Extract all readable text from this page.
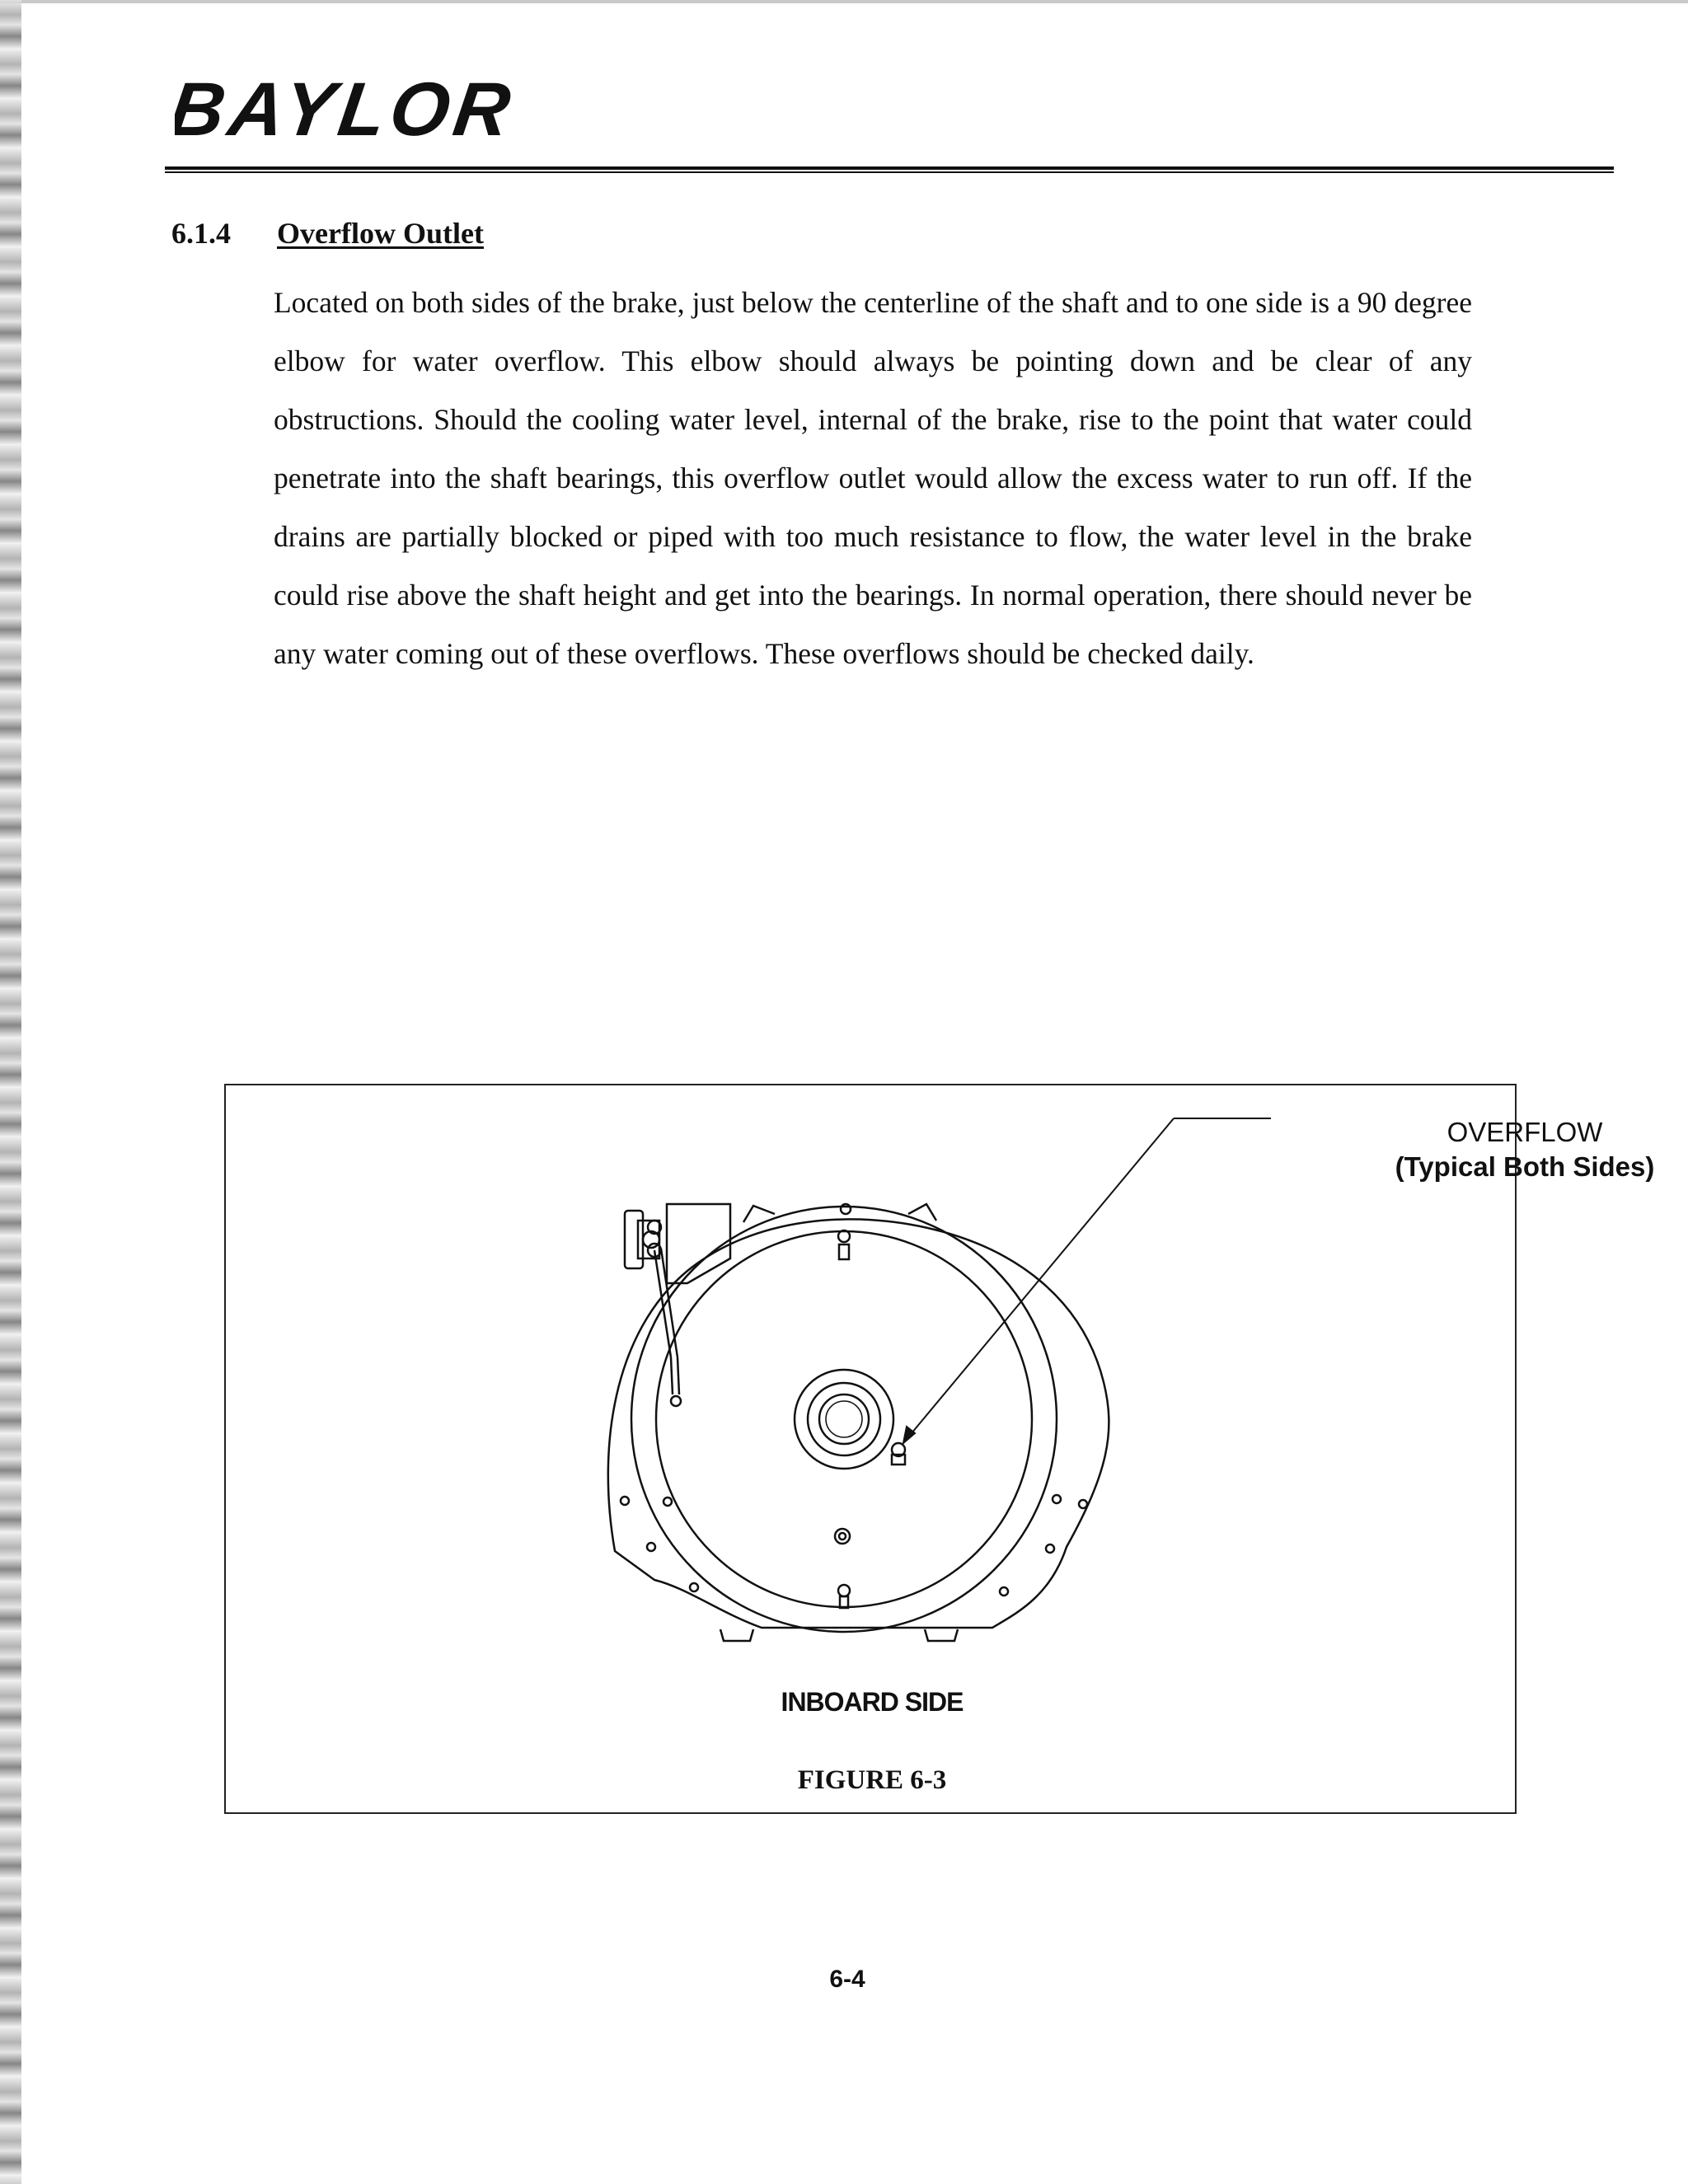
BAYLOR
6.1.4 Overflow Outlet

Located on both sides of the brake, just below the centerline of the shaft and to one side is a 90 degree elbow for water overflow. This elbow should always be pointing down and be clear of any obstructions. Should the cooling water level, internal of the brake, rise to the point that water could penetrate into the shaft bearings, this overflow outlet would allow the excess water to run off. If the drains are partially blocked or piped with too much resistance to flow, the water level in the brake could rise above the shaft height and get into the bearings. In normal operation, there should never be any water coming out of these overflows. These overflows should be checked daily.

OVERFLOW
(Typical Both Sides)
INBOARD SIDE
FIGURE 6-3
6-4
